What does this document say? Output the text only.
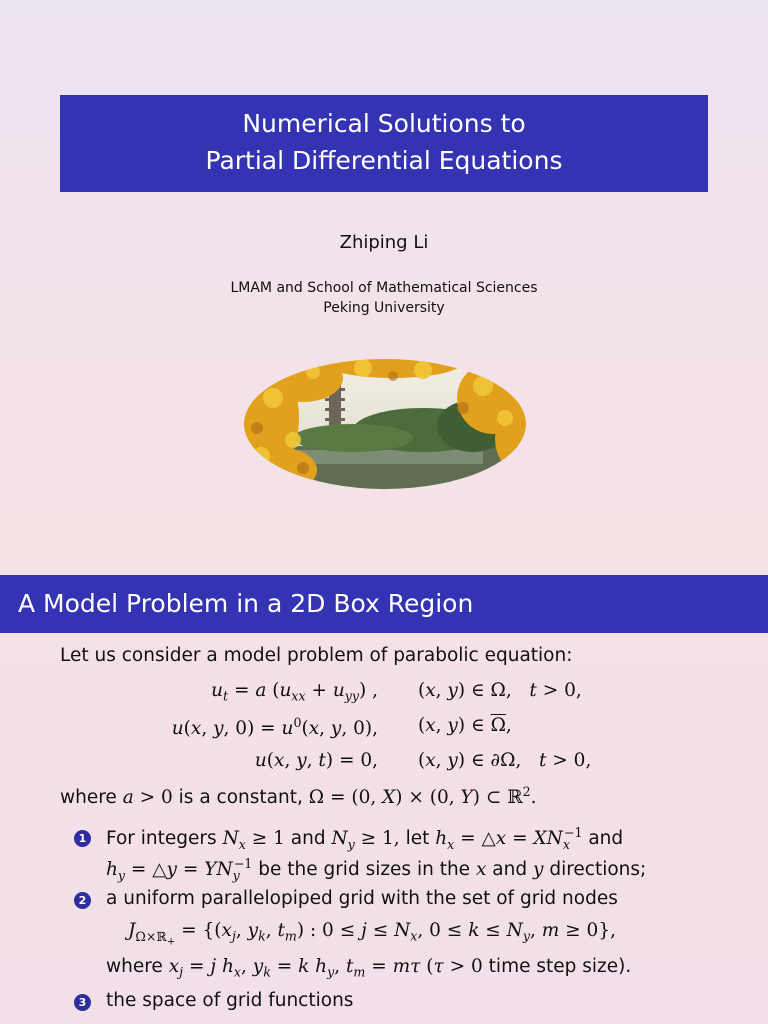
Numerical Solutions to
Partial Differential Equations
Zhiping Li
LMAM and School of Mathematical Sciences
Peking University
A Model Problem in a 2D Box Region
Let us consider a model problem of parabolic equation:
$u_t = a$ $(u_{xx} + u_{yy})$ , (x, y) ∈ Ω,   t > 0,
u(x, y, $0) = u^0(x$, y, 0), (x, y) ∈ $\overline{\Omega}$,
u(x, y, t) = 0, (x, y) ∈ ∂Ω,   t > 0,
where a > 0 is a constant, Ω = (0, X) × (0, Y) ⊂ ℝ$^2$.
1 For integers $N_x \ge 1$ and $N_y \ge 1$, let $h_x$ = △x = $XN_x^{-1}$ and
$h_y$ = △y = $YN_y^{-1}$ be the grid sizes in the x and y directions;
2 a uniform parallelopiped grid with the set of grid nodes
$J_{\Omega\times ℝ_+} = \{(x_j$, $y_k$, $t_m$) : $0 \le j \le N_x$, $0 \le k \le N_y$, m ≥ 0},
where $x_j = j$ $h_x$, $y_k = k$ $h_y$, $t_m = m\tau$ (τ > 0 time step size).
3 the space of grid functions
